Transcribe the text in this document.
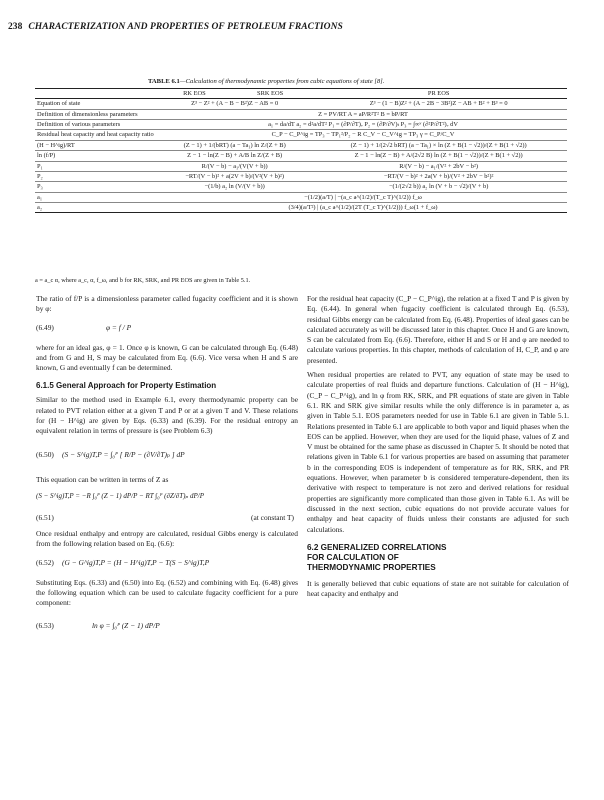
238 CHARACTERIZATION AND PROPERTIES OF PETROLEUM FRACTIONS
TABLE 6.1—Calculation of thermodynamic properties from cubic equations of state [8].
	RK EOS	SRK EOS	PR EOS
Equation of state	Z³ − Z² + (A − B − B²)Z − AB = 0		Z³ − (1 − B)Z² + (A − 2B − 3B²)Z − AB + B² + B³ = 0
Definition of dimensionless parameters	Z = PV/RT A = aP/R²T² B = bP/RT		
Definition of various parameters	a₁ = da/dT a₂ = d²a/dT² P₁ = (∂P/∂T)ᵥ P₂ = (∂P/∂V)ₜ P₃ = ∫∞ᵛ (∂²P/∂T²)ᵥ dV		
Residual heat capacity and heat capacity ratio	C_P − C_P^ig = TP₃ − TP₁²/P₂ − R C_V − C_V^ig = TP₃ γ = C_P/C_V		
(H − H^ig)/RT	(Z − 1) + 1/(bRT) (a − Ta₁) ln Z/(Z + B)		(Z − 1) + 1/(2√2 bRT) (a − Ta₁) × ln (Z + B(1 − √2))/(Z + B(1 + √2))
ln (f/P)	Z − 1 − ln(Z − B) + A/B ln Z/(Z + B)		Z − 1 − ln(Z − B) + A/(2√2 B) ln (Z + B(1 − √2))/(Z + B(1 + √2))
P₁	R/(V − b) − a₁/(V(V + b))		R/(V − b) − a₁/(V² + 2bV − b²)
P₂	−RT/(V − b)² + a(2V + b)/(V²(V + b)²)		−RT/(V − b)² + 2a(V + b)/(V² + 2bV − b²)²
P₃	−(1/b) a₂ ln (V/(V + b))		−(1/(2√2 b)) a₂ ln (V + b − √2)/(V + b)
a₁	−(1/2)(a/T) | −(a_c a^(1/2)/(T_c T)^(1/2)) f_ω		
a₂	(3/4)(a/T²) | (a_c a^(1/2)/(2T (T_c T)^(1/2))) f_ω(1 + f_ω)		
a = a_c α, where a_c, α, f_ω, and b for RK, SRK, and PR EOS are given in Table 5.1.

The ratio of f/P is a dimensionless parameter called fugacity coefficient and it is shown by φ:

(6.49)	φ = f / P

where for an ideal gas, φ = 1. Once φ is known, G can be calculated through Eq. (6.48) and from G and H, S may be calculated from Eq. (6.6). Vice versa when H and S are known, G and eventually f can be determined.

6.1.5 General Approach for Property Estimation

Similar to the method used in Example 6.1, every thermodynamic property can be related to PVT relation either at a given T and P or at a given T and V. These relations for (H − H^ig) are given by Eqs. (6.33) and (6.39). For the residual entropy an equivalent relation in terms of pressure is (see Problem 6.3)

(6.50) (S − S^ig)T,P = ∫₀ᴾ [ R/P − (∂V/∂T)ₚ ] dP

This equation can be written in terms of Z as

(S − S^ig)T,P = −R ∫₀ᴾ (Z − 1) dP/P − RT ∫₀ᴾ (∂Z/∂T)ₚ dP/P
(6.51)	(at constant T)

Once residual enthalpy and entropy are calculated, residual Gibbs energy is calculated from the following relation based on Eq. (6.6):

(6.52) (G − G^ig)T,P = (H − H^ig)T,P − T(S − S^ig)T,P

Substituting Eqs. (6.33) and (6.50) into Eq. (6.52) and combining with Eq. (6.48) gives the following equation which can be used to calculate fugacity coefficient for a pure component:

(6.53)	ln φ = ∫₀ᴾ (Z − 1) dP/P

For the residual heat capacity (C_P − C_P^ig), the relation at a fixed T and P is given by Eq. (6.44). In general when fugacity coefficient is calculated through Eq. (6.53), residual Gibbs energy can be calculated from Eq. (6.48). Properties of ideal gases can be calculated accurately as will be discussed later in this chapter. Once H and G are known, S can be calculated from Eq. (6.6). Therefore, either H and S or H and φ are needed to calculate various properties. In this chapter, methods of calculation of H, C_P, and φ are presented.

When residual properties are related to PVT, any equation of state may be used to calculate properties of real fluids and departure functions. Calculation of (H − H^ig), (C_P − C_P^ig), and ln φ from RK, SRK, and PR equations of state are given in Table 6.1. RK and SRK give similar results while the only difference is in parameter a, as given in Table 5.1. EOS parameters needed for use in Table 6.1 are given in Table 5.1. Relations presented in Table 6.1 are applicable to both vapor and liquid phases when the EOS can be applied. However, when they are used for the liquid phase, values of Z and V must be obtained for the same phase as discussed in Chapter 5. It should be noted that relations given in Table 6.1 for various properties are based on assuming that parameter b in the corresponding EOS is independent of temperature as for RK, SRK, and PR equations. However, when parameter b is considered temperature-dependent, then its derivative with respect to temperature is not zero and derived relations for residual properties are significantly more complicated than those given in Table 6.1. As will be discussed in the next section, cubic equations do not provide accurate values for enthalpy and heat capacity of fluids unless their constants are adjusted for such calculations.

6.2 GENERALIZED CORRELATIONS
FOR CALCULATION OF
THERMODYNAMIC PROPERTIES

It is generally believed that cubic equations of state are not suitable for calculation of heat capacity and enthalpy and
